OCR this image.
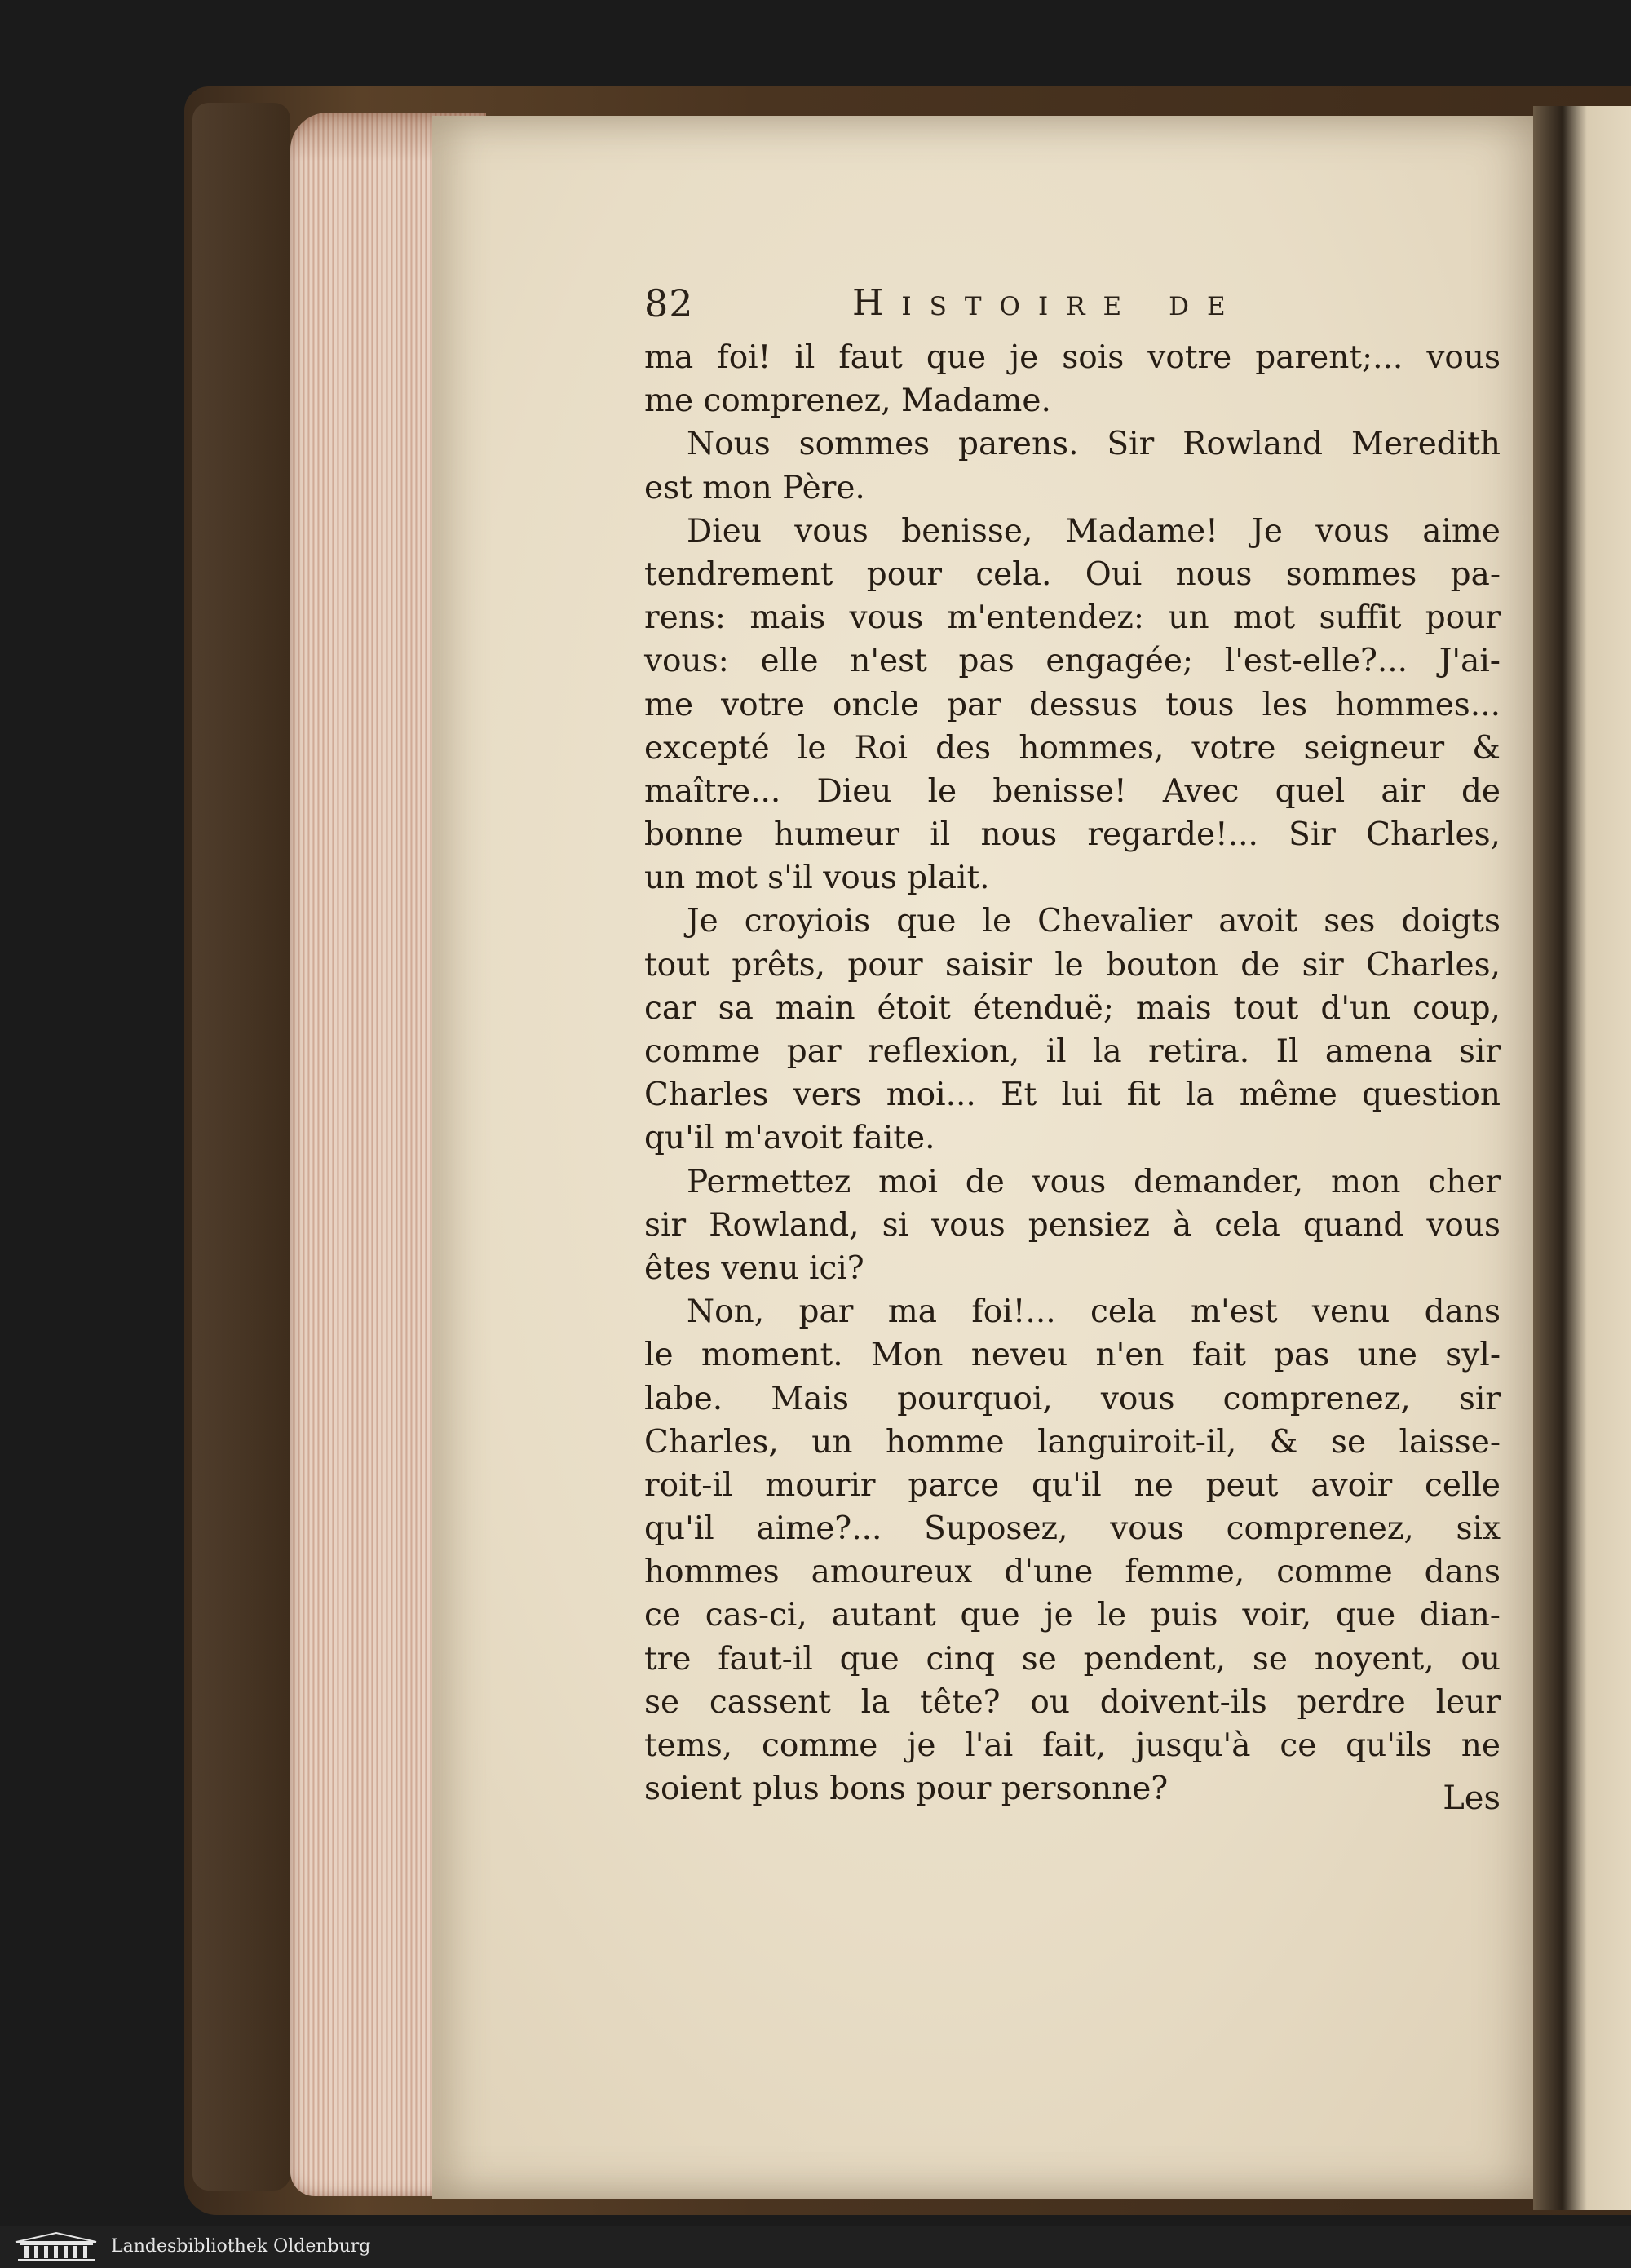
82	Histoire de
ma foi! il faut que je sois votre parent;... vous
me comprenez, Madame.
Nous sommes parens. Sir Rowland Meredith
est mon Père.
Dieu vous benisse, Madame! Je vous aime
tendrement pour cela. Oui nous sommes pa-
rens: mais vous m'entendez: un mot suffit pour
vous: elle n'est pas engagée; l'est-elle?... J'ai-
me votre oncle par dessus tous les hommes...
excepté le Roi des hommes, votre seigneur &
maître... Dieu le benisse! Avec quel air de
bonne humeur il nous regarde!... Sir Charles,
un mot s'il vous plait.
Je croyiois que le Chevalier avoit ses doigts
tout prêts, pour saisir le bouton de sir Charles,
car sa main étoit étenduë; mais tout d'un coup,
comme par reflexion, il la retira. Il amena sir
Charles vers moi... Et lui fit la même question
qu'il m'avoit faite.
Permettez moi de vous demander, mon cher
sir Rowland, si vous pensiez à cela quand vous
êtes venu ici?
Non, par ma foi!... cela m'est venu dans
le moment. Mon neveu n'en fait pas une syl-
labe. Mais pourquoi, vous comprenez, sir
Charles, un homme languiroit-il, & se laisse-
roit-il mourir parce qu'il ne peut avoir celle
qu'il aime?... Suposez, vous comprenez, six
hommes amoureux d'une femme, comme dans
ce cas-ci, autant que je le puis voir, que dian-
tre faut-il que cinq se pendent, se noyent, ou
se cassent la tête? ou doivent-ils perdre leur
tems, comme je l'ai fait, jusqu'à ce qu'ils ne
soient plus bons pour personne?	Les
Landesbibliothek Oldenburg
